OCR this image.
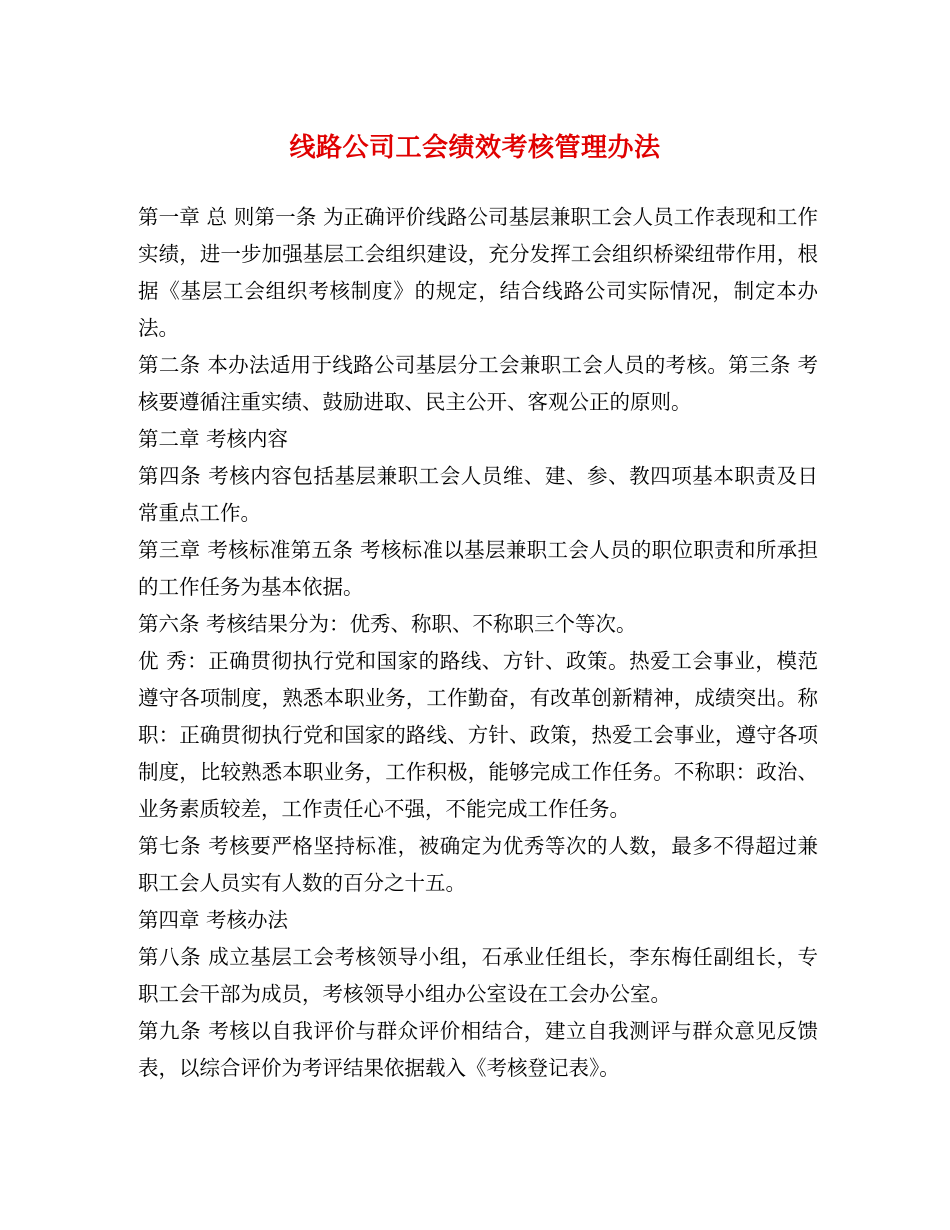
线路公司工会绩效考核管理办法

第一章 总 则第一条 为正确评价线路公司基层兼职工会人员工作表现和工作实绩，进一步加强基层工会组织建设，充分发挥工会组织桥梁纽带作用，根据《基层工会组织考核制度》的规定，结合线路公司实际情况，制定本办法。

第二条 本办法适用于线路公司基层分工会兼职工会人员的考核。第三条 考核要遵循注重实绩、鼓励进取、民主公开、客观公正的原则。

第二章 考核内容

第四条 考核内容包括基层兼职工会人员维、建、参、教四项基本职责及日常重点工作。

第三章 考核标准第五条 考核标准以基层兼职工会人员的职位职责和所承担的工作任务为基本依据。

第六条 考核结果分为：优秀、称职、不称职三个等次。

优 秀：正确贯彻执行党和国家的路线、方针、政策。热爱工会事业，模范遵守各项制度，熟悉本职业务，工作勤奋，有改革创新精神，成绩突出。称 职：正确贯彻执行党和国家的路线、方针、政策，热爱工会事业，遵守各项制度，比较熟悉本职业务，工作积极，能够完成工作任务。不称职：政治、业务素质较差，工作责任心不强，不能完成工作任务。

第七条 考核要严格坚持标准，被确定为优秀等次的人数，最多不得超过兼职工会人员实有人数的百分之十五。

第四章 考核办法

第八条 成立基层工会考核领导小组，石承业任组长，李东梅任副组长，专职工会干部为成员，考核领导小组办公室设在工会办公室。

第九条 考核以自我评价与群众评价相结合，建立自我测评与群众意见反馈表，以综合评价为考评结果依据载入《考核登记表》。
